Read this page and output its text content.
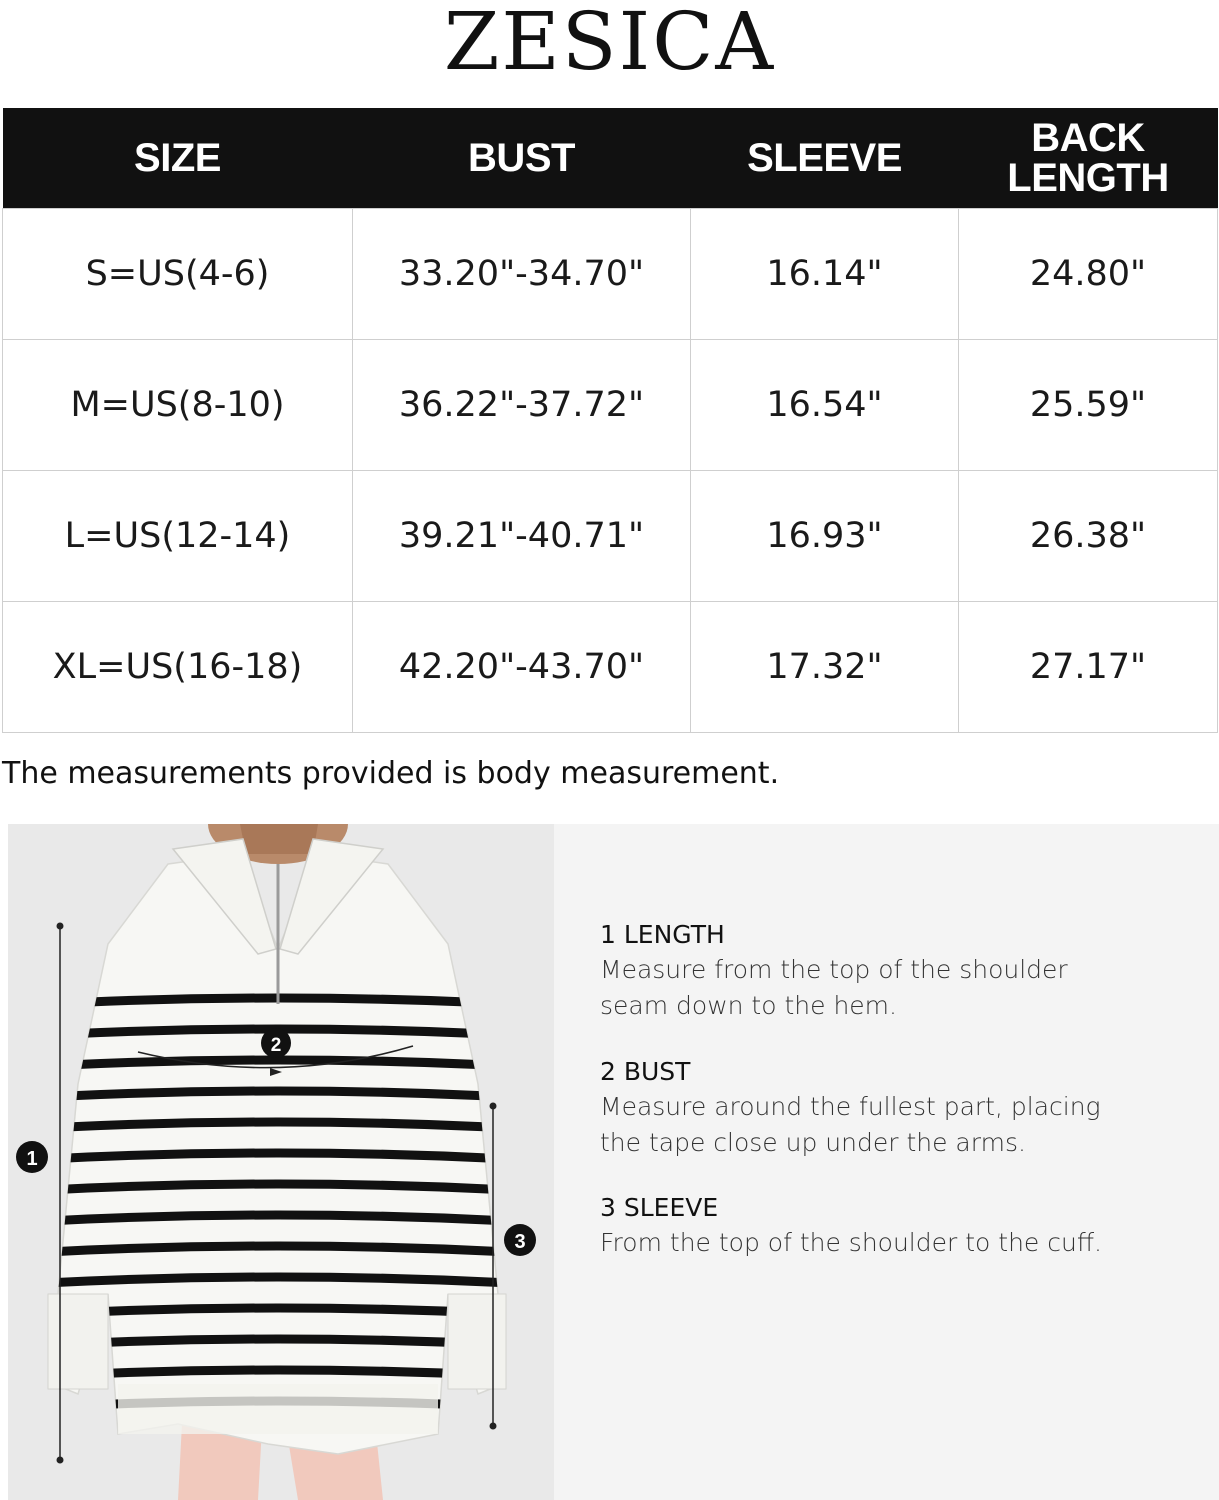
ZESICA
SIZE	BUST	SLEEVE	BACK
LENGTH

S=US(4-6)	33.20"-34.70"	16.14"	24.80"
M=US(8-10)	36.22"-37.72"	16.54"	25.59"
L=US(12-14)	39.21"-40.71"	16.93"	26.38"
XL=US(16-18)	42.20"-43.70"	17.32"	27.17"
The measurements provided is body measurement.
1
2
3
1 LENGTH
Measure from the top of the shoulder
seam down to the hem.
2 BUST
Measure around the fullest part, placing
the tape close up under the arms.
3 SLEEVE
From the top of the shoulder to the cuff.
